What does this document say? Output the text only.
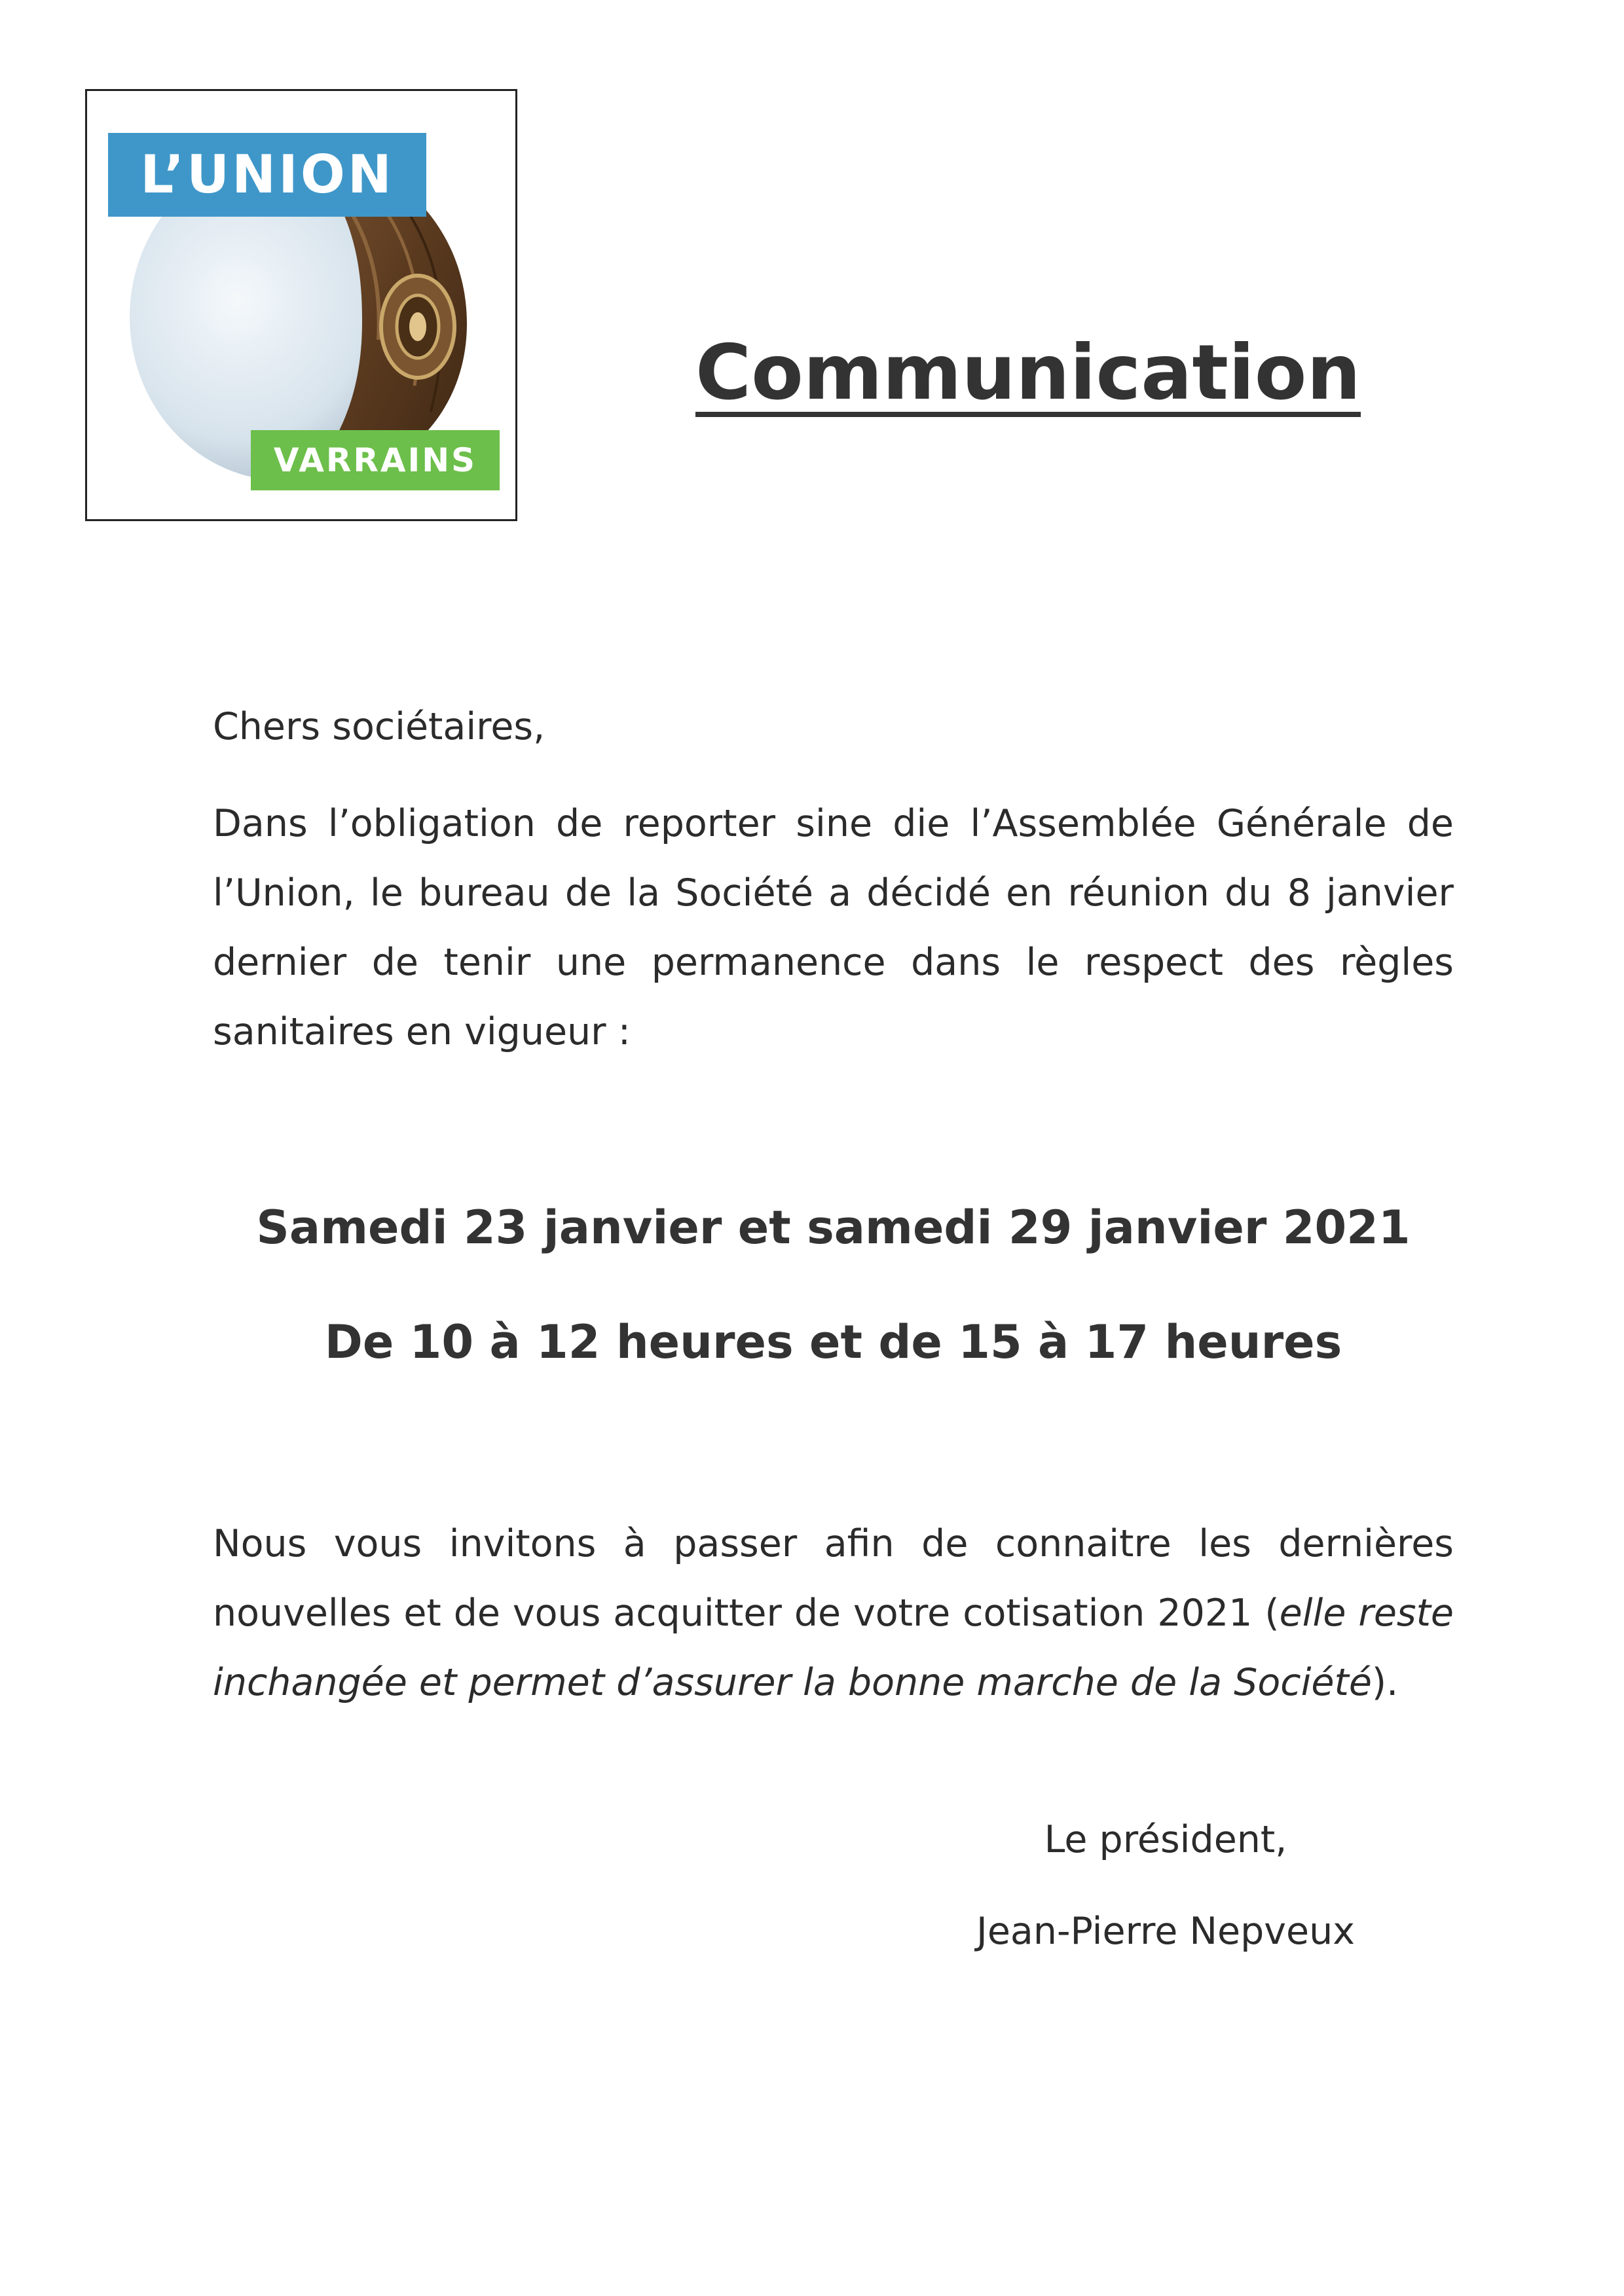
L’UNION
VARRAINS
Communication
Chers sociétaires,
Dans l’obligation de reporter sine die l’Assemblée Générale de l’Union, le bureau de la Société a décidé en réunion du 8 janvier dernier de tenir une permanence dans le respect des règles sanitaires en vigueur :
Samedi 23 janvier et samedi 29 janvier 2021
De 10 à 12 heures et de 15 à 17 heures
Nous vous invitons à passer afin de connaitre les dernières nouvelles et de vous acquitter de votre cotisation 2021 (elle reste inchangée et permet d’assurer la bonne marche de la Société).
Le président,
Jean-Pierre Nepveux
